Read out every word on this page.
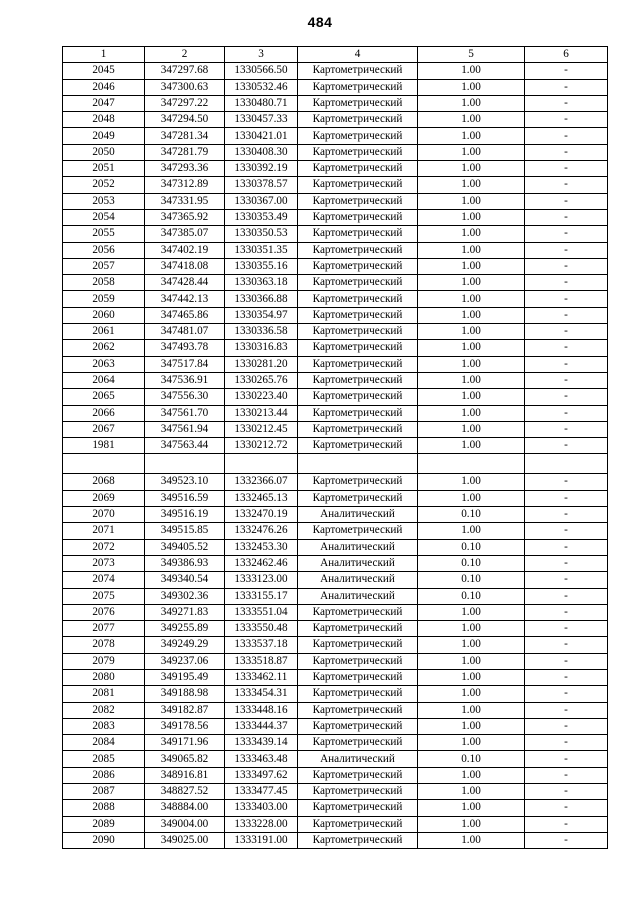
484
1	2	3	4	5	6
2045	347297.68	1330566.50	Картометрический	1.00	-
2046	347300.63	1330532.46	Картометрический	1.00	-
2047	347297.22	1330480.71	Картометрический	1.00	-
2048	347294.50	1330457.33	Картометрический	1.00	-
2049	347281.34	1330421.01	Картометрический	1.00	-
2050	347281.79	1330408.30	Картометрический	1.00	-
2051	347293.36	1330392.19	Картометрический	1.00	-
2052	347312.89	1330378.57	Картометрический	1.00	-
2053	347331.95	1330367.00	Картометрический	1.00	-
2054	347365.92	1330353.49	Картометрический	1.00	-
2055	347385.07	1330350.53	Картометрический	1.00	-
2056	347402.19	1330351.35	Картометрический	1.00	-
2057	347418.08	1330355.16	Картометрический	1.00	-
2058	347428.44	1330363.18	Картометрический	1.00	-
2059	347442.13	1330366.88	Картометрический	1.00	-
2060	347465.86	1330354.97	Картометрический	1.00	-
2061	347481.07	1330336.58	Картометрический	1.00	-
2062	347493.78	1330316.83	Картометрический	1.00	-
2063	347517.84	1330281.20	Картометрический	1.00	-
2064	347536.91	1330265.76	Картометрический	1.00	-
2065	347556.30	1330223.40	Картометрический	1.00	-
2066	347561.70	1330213.44	Картометрический	1.00	-
2067	347561.94	1330212.45	Картометрический	1.00	-
1981	347563.44	1330212.72	Картометрический	1.00	-

2068	349523.10	1332366.07	Картометрический	1.00	-
2069	349516.59	1332465.13	Картометрический	1.00	-
2070	349516.19	1332470.19	Аналитический	0.10	-
2071	349515.85	1332476.26	Картометрический	1.00	-
2072	349405.52	1332453.30	Аналитический	0.10	-
2073	349386.93	1332462.46	Аналитический	0.10	-
2074	349340.54	1333123.00	Аналитический	0.10	-
2075	349302.36	1333155.17	Аналитический	0.10	-
2076	349271.83	1333551.04	Картометрический	1.00	-
2077	349255.89	1333550.48	Картометрический	1.00	-
2078	349249.29	1333537.18	Картометрический	1.00	-
2079	349237.06	1333518.87	Картометрический	1.00	-
2080	349195.49	1333462.11	Картометрический	1.00	-
2081	349188.98	1333454.31	Картометрический	1.00	-
2082	349182.87	1333448.16	Картометрический	1.00	-
2083	349178.56	1333444.37	Картометрический	1.00	-
2084	349171.96	1333439.14	Картометрический	1.00	-
2085	349065.82	1333463.48	Аналитический	0.10	-
2086	348916.81	1333497.62	Картометрический	1.00	-
2087	348827.52	1333477.45	Картометрический	1.00	-
2088	348884.00	1333403.00	Картометрический	1.00	-
2089	349004.00	1333228.00	Картометрический	1.00	-
2090	349025.00	1333191.00	Картометрический	1.00	-
